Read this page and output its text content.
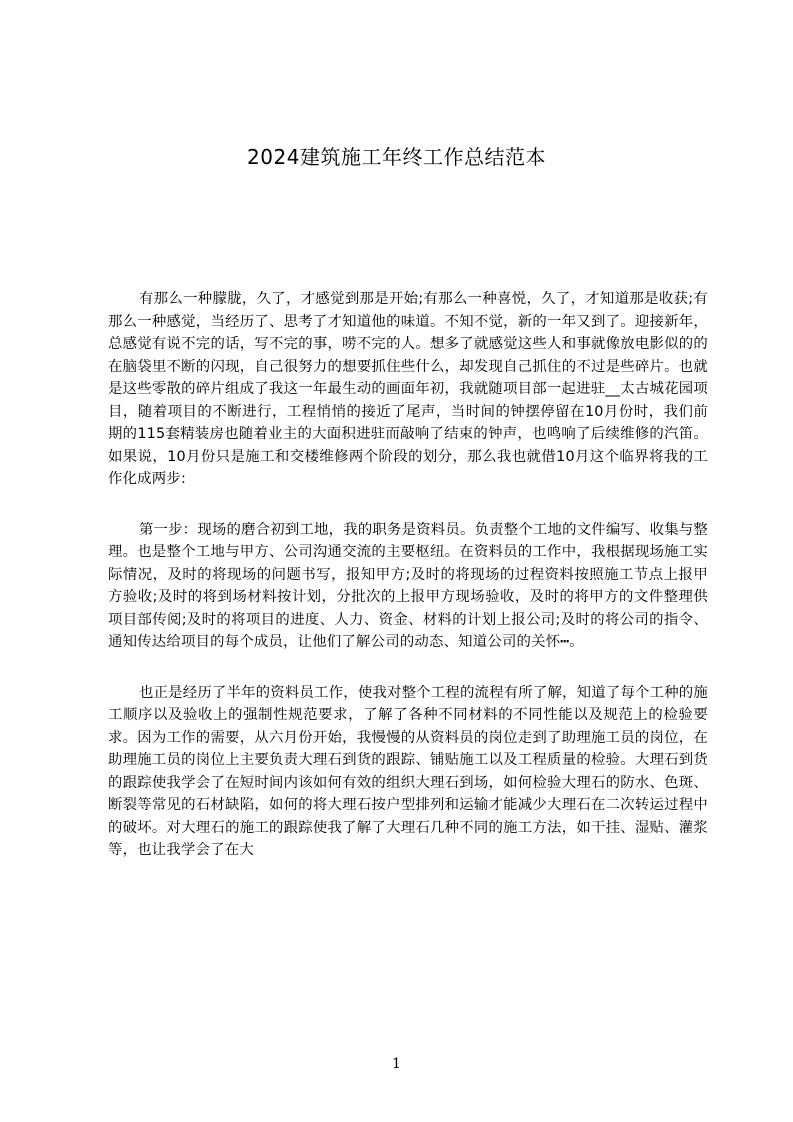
2024建筑施工年终工作总结范本

有那么一种朦胧，久了，才感觉到那是开始;有那么一种喜悦，久了，才知道那是收获;有那么一种感觉，当经历了、思考了才知道他的味道。不知不觉，新的一年又到了。迎接新年，总感觉有说不完的话，写不完的事，唠不完的人。想多了就感觉这些人和事就像放电影似的的在脑袋里不断的闪现，自己很努力的想要抓住些什么，却发现自己抓住的不过是些碎片。也就是这些零散的碎片组成了我这一年最生动的画面年初，我就随项目部一起进驻__太古城花园项目，随着项目的不断进行，工程悄悄的接近了尾声，当时间的钟摆停留在10月份时，我们前期的115套精装房也随着业主的大面积进驻而敲响了结束的钟声，也鸣响了后续维修的汽笛。如果说，10月份只是施工和交楼维修两个阶段的划分，那么我也就借10月这个临界将我的工作化成两步:

第一步：现场的磨合初到工地，我的职务是资料员。负责整个工地的文件编写、收集与整理。也是整个工地与甲方、公司沟通交流的主要枢纽。在资料员的工作中，我根据现场施工实际情况，及时的将现场的问题书写，报知甲方;及时的将现场的过程资料按照施工节点上报甲方验收;及时的将到场材料按计划，分批次的上报甲方现场验收，及时的将甲方的文件整理供项目部传阅;及时的将项目的进度、人力、资金、材料的计划上报公司;及时的将公司的指令、通知传达给项目的每个成员，让他们了解公司的动态、知道公司的关怀┅。

也正是经历了半年的资料员工作，使我对整个工程的流程有所了解，知道了每个工种的施工顺序以及验收上的强制性规范要求，了解了各种不同材料的不同性能以及规范上的检验要求。因为工作的需要，从六月份开始，我慢慢的从资料员的岗位走到了助理施工员的岗位，在助理施工员的岗位上主要负责大理石到货的跟踪、铺贴施工以及工程质量的检验。大理石到货的跟踪使我学会了在短时间内该如何有效的组织大理石到场，如何检验大理石的防水、色斑、断裂等常见的石材缺陷，如何的将大理石按户型排列和运输才能减少大理石在二次转运过程中的破坏。对大理石的施工的跟踪使我了解了大理石几种不同的施工方法，如干挂、湿贴、灌浆等，也让我学会了在大

1
